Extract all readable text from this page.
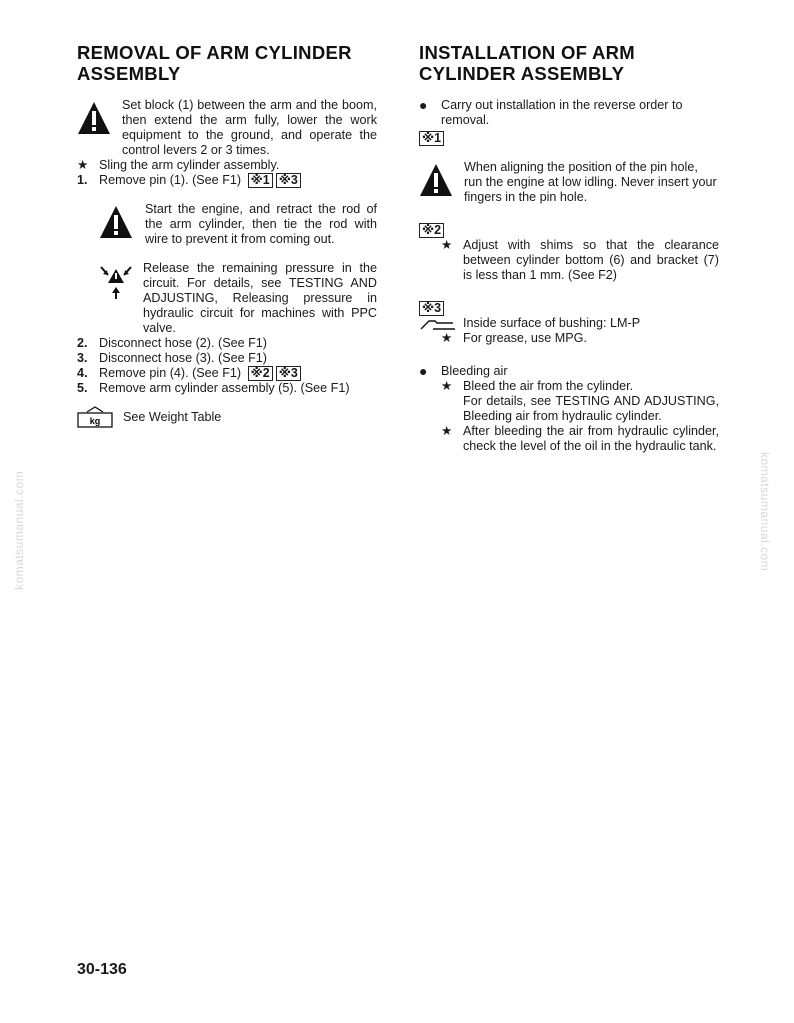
REMOVAL OF ARM CYLINDER
ASSEMBLY
Set block (1) between the arm and the boom, then extend the arm fully, lower the work equipment to the ground, and operate the control levers 2 or 3 times.
★ Sling the arm cylinder assembly.
1. Remove pin (1). (See F1) ※1 ※3
Start the engine, and retract the rod of the arm cylinder, then tie the rod with wire to prevent it from coming out.
Release the remaining pressure in the circuit. For details, see TESTING AND ADJUSTING, Releasing pressure in hydraulic circuit for machines with PPC valve.
2. Disconnect hose (2). (See F1)
3. Disconnect hose (3). (See F1)
4. Remove pin (4). (See F1) ※2 ※3
5. Remove arm cylinder assembly (5). (See F1)
kg See Weight Table
INSTALLATION OF ARM
CYLINDER ASSEMBLY
●	Carry out installation in the reverse order to removal.
※1
When aligning the position of the pin hole, run the engine at low idling. Never insert your fingers in the pin hole.
※2
★ Adjust with shims so that the clearance between cylinder bottom (6) and bracket (7) is less than 1 mm. (See F2)
※3
Inside surface of bushing: LM-P
★ For grease, use MPG.
●	Bleeding air
★ Bleed the air from the cylinder.
For details, see TESTING AND ADJUSTING, Bleeding air from hydraulic cylinder.
★ After bleeding the air from hydraulic cylinder, check the level of the oil in the hydraulic tank.
30-136
komatsumanual.com	komatsumanual.com
